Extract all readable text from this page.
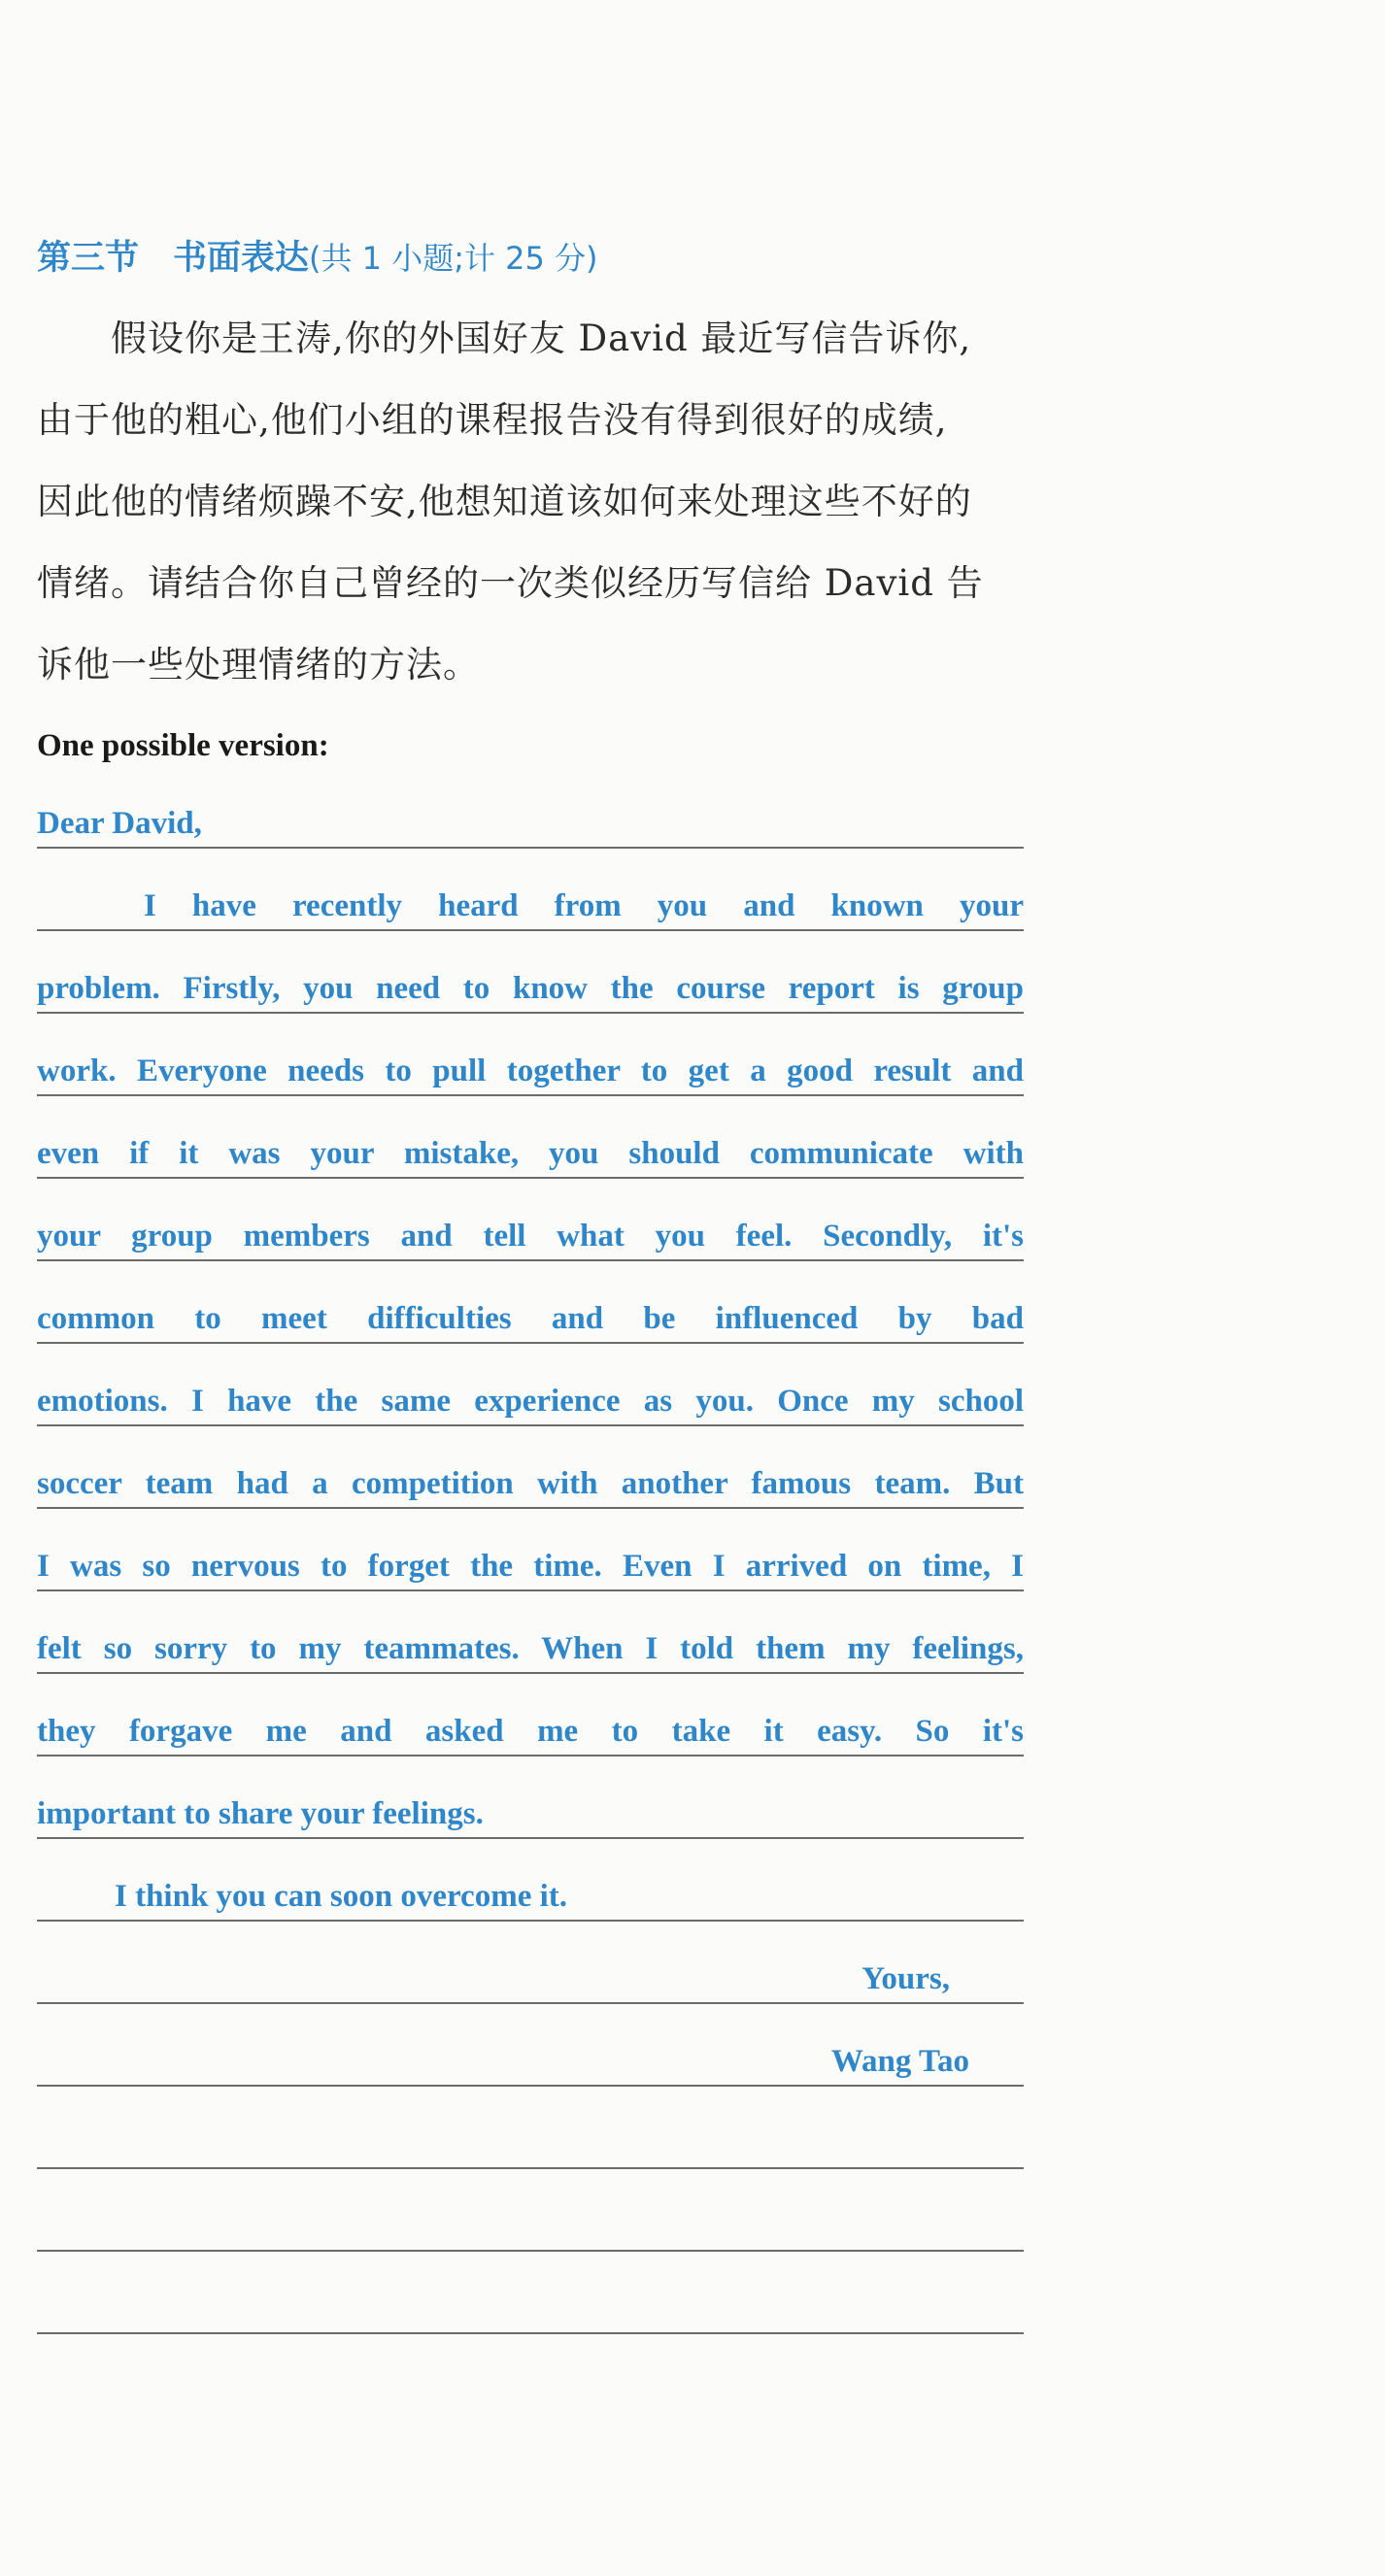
第三节　书面表达(共 1 小题;计 25 分)
　　假设你是王涛,你的外国好友 David 最近写信告诉你,
由于他的粗心,他们小组的课程报告没有得到很好的成绩,
因此他的情绪烦躁不安,他想知道该如何来处理这些不好的
情绪。请结合你自己曾经的一次类似经历写信给 David 告
诉他一些处理情绪的方法。
One possible version:
Dear David,
I have recently heard from you and known your
problem. Firstly, you need to know the course report is group
work. Everyone needs to pull together to get a good result and
even if it was your mistake, you should communicate with
your group members and tell what you feel. Secondly, it's
common to meet difficulties and be influenced by bad
emotions. I have the same experience as you. Once my school
soccer team had a competition with another famous team. But
I was so nervous to forget the time. Even I arrived on time, I
felt so sorry to my teammates. When I told them my feelings,
they forgave me and asked me to take it easy. So it's
important to share your feelings.
I think you can soon overcome it.
Yours,
Wang Tao
